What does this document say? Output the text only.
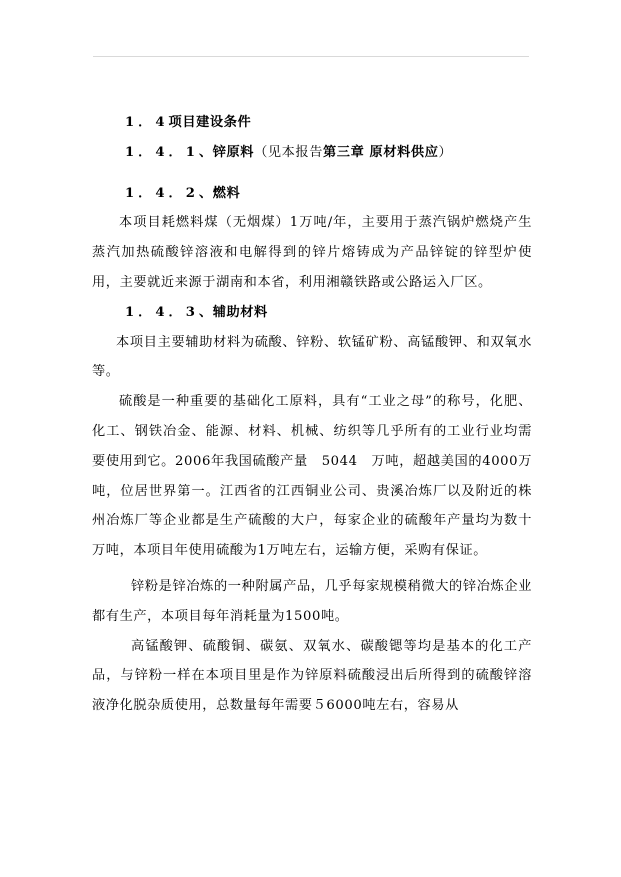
1．4项目建设条件

1．4．1、锌原料（见本报告第三章 原材料供应）

1．4．2、燃料

本项目耗燃料煤（无烟煤）1万吨/年，主要用于蒸汽锅炉燃烧产生蒸汽加热硫酸锌溶液和电解得到的锌片熔铸成为产品锌锭的锌型炉使用，主要就近来源于湖南和本省，利用湘赣铁路或公路运入厂区。

1．4．3、辅助材料

本项目主要辅助材料为硫酸、锌粉、软锰矿粉、高锰酸钾、和双氧水等。

硫酸是一种重要的基础化工原料，具有“工业之母”的称号，化肥、化工、钢铁冶金、能源、材料、机械、纺织等几乎所有的工业行业均需要使用到它。2006年我国硫酸产量　5044　万吨，超越美国的4000万吨，位居世界第一。江西省的江西铜业公司、贵溪冶炼厂以及附近的株州冶炼厂等企业都是生产硫酸的大户，每家企业的硫酸年产量均为数十万吨，本项目年使用硫酸为1万吨左右，运输方便，采购有保证。

锌粉是锌冶炼的一种附属产品，几乎每家规模稍微大的锌冶炼企业都有生产，本项目每年消耗量为1500吨。

高锰酸钾、硫酸铜、碳氨、双氧水、碳酸锶等均是基本的化工产品，与锌粉一样在本项目里是作为锌原料硫酸浸出后所得到的硫酸锌溶液净化脱杂质使用，总数量每年需要５6000吨左右，容易从
